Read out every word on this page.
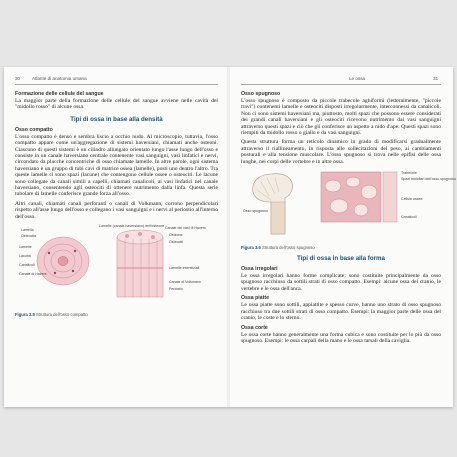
30	Atlante di anatomia umana
Formazione delle cellule del sangue

La maggior parte della formazione delle cellule del sangue avviene nelle cavità del "midollo rosso" di alcune ossa.

Tipi di ossa in base alla densità
Osso compatto

L'osso compatto è denso e sembra liscio a occhio nudo. Al microscopio, tuttavia, l'osso compatto appare come un'aggregazione di sistemi haversiani, chiamati anche osteoni. Ciascuno di questi sistemi è un cilindro allungato orientato lungo l'asse lungo dell'osso e consiste in un canale haversiano centrale contenente vasi sanguigni, vasi linfatici e nervi, circondato da placche concentriche di osso chiamate lamelle. In altre parole, ogni sistema haversiano è un gruppo di tubi cavi di matrice ossea (lamelle), posti uno dentro l'altro. Tra queste lamelle ci sono spazi (lacune) che contengono cellule ossee o osteociti. Le lacune sono collegate da canali simili a capelli, chiamati canalicoli, ai vasi linfatici nel canale haversiano, consentendo agli osteociti di ottenere nutrimento dalla linfa. Questa serie tubolare di lamelle conferisce grande forza all'osso.

Altri canali, chiamati canali perforanti o canali di Volkmann, corrono perpendicolari rispetto all'asse lungo dell'osso e collegano i vasi sanguigni e i nervi al periostio all'interno dell'osso.

Lamella
Osteocita
Lamelle
Lacuna
Canalicoli
Canale di Havers
Lamelle (canale haversiano) dell'osteone Canale dei vasi di Havers
Osteone
Osteociti
Lamelle interstiziali
Canale di Volkmann
Periostio
Figura 3.5 Struttura dell'osso compatto
Le ossa	31
Osso spugnoso

L'osso spugnoso è composto da piccole trabecole aghiformi (letteralmente, "piccole travi") contenenti lamelle e osteociti disposti irregolarmente, interconnessi da canalicoli. Non ci sono sistemi haversiani ma, piuttosto, molti spazi che possono essere considerati dei grandi canali haversiani e gli osteociti ricevono nutrimento dai vasi sanguigni attraverso questi spazi e ciò che gli conferisce un aspetto a nido d'ape. Questi spazi sono riempiti da midollo rosso o giallo e da vasi sanguigni.

Questa struttura forma un reticolo dinamico in grado di modificarsi gradualmente attraverso il riallineamento, in risposta alle sollecitazioni del peso, ai cambiamenti posturali e alla tensione muscolare. L'osso spugnoso si trova nelle epifisi delle ossa lunghe, nei corpi delle vertebre e in altre ossa.

Osso spugnoso
Trabecole
Spazi midollari dell'osso spugnoso
Cellule ossee
Canalicoli
Figura 3.6 Struttura dell'osso spugnoso
Tipi di ossa in base alla forma
Ossa irregolari

Le ossa irregolari hanno forme complicate; sono costituite principalmente da osso spugnoso racchiuso da sottili strati di osso compatto. Esempi: alcune ossa del cranio, le vertebre e le ossa dell'anca.

Ossa piatte

Le ossa piatte sono sottili, appiattite e spesso curve, hanno uno strato di osso spugnoso racchiuso tra due sottili strati di osso compatto. Esempi: la maggior parte delle ossa del cranio, le coste e lo sterno.

Ossa corte

Le ossa corte hanno generalmente una forma cubica e sono costituite per lo più da osso spugnoso. Esempi: le ossa carpali della mano e le ossa tarsali della caviglia.
